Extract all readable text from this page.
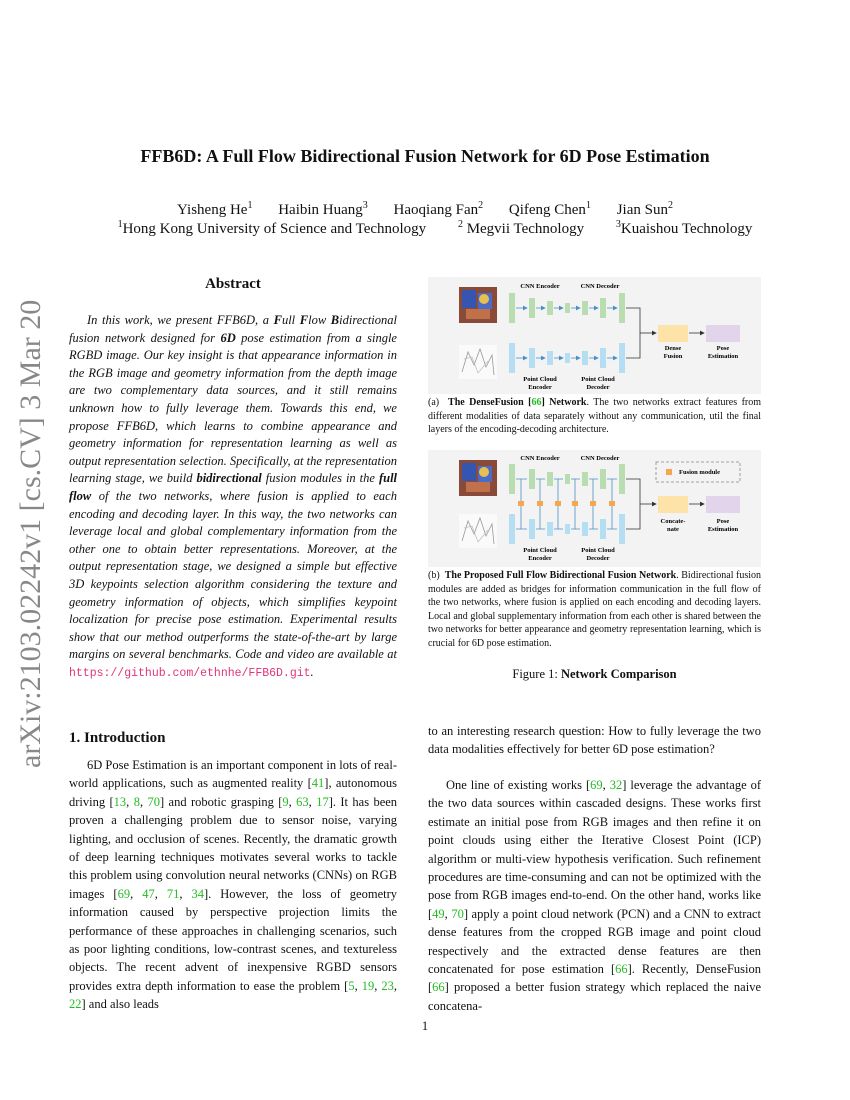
FFB6D: A Full Flow Bidirectional Fusion Network for 6D Pose Estimation
Yisheng He$^1$ Haibin Huang$^3$ Haoqiang Fan$^2$ Qifeng Chen$^1$ Jian Sun$^2$
$^1$Hong Kong University of Science and Technology	$^2$ Megvii Technology	$^3$Kuaishou Technology
arXiv:2103.02242v1 [cs.CV] 3 Mar 2021	Abstract
In this work, we present FFB6D, a Full Flow Bidirectional fusion network designed for 6D pose estimation from a single RGBD image. Our key insight is that appearance information in the RGB image and geometry information from the depth image are two complementary data sources, and it still remains unknown how to fully leverage them. Towards this end, we propose FFB6D, which learns to combine appearance and geometry information for representation learning as well as output representation selection. Specifically, at the representation learning stage, we build bidirectional fusion modules in the full flow of the two networks, where fusion is applied to each encoding and decoding layer. In this way, the two networks can leverage local and global complementary information from the other one to obtain better representations. Moreover, at the output representation stage, we designed a simple but effective 3D keypoints selection algorithm considering the texture and geometry information of objects, which simplifies keypoint localization for precise pose estimation. Experimental results show that our method outperforms the state-of-the-art by large margins on several benchmarks. Code and video are available at https://github.com/ethnhe/FFB6D.git.
1. Introduction
6D Pose Estimation is an important component in lots of real-world applications, such as augmented reality [41], autonomous driving [13, 8, 70] and robotic grasping [9, 63, 17]. It has been proven a challenging problem due to sensor noise, varying lighting, and occlusion of scenes. Recently, the dramatic growth of deep learning techniques motivates several works to tackle this problem using convolution neural networks (CNNs) on RGB images [69, 47, 71, 34]. However, the loss of geometry information caused by perspective projection limits the performance of these approaches in challenging scenarios, such as poor lighting conditions, low-contrast scenes, and textureless objects. The recent advent of inexpensive RGBD sensors provides extra depth information to ease the problem [5, 19, 23, 22] and also leads
to an interesting research question: How to fully leverage the two data modalities effectively for better 6D pose estimation?
One line of existing works [69, 32] leverage the advantage of the two data sources within cascaded designs. These works first estimate an initial pose from RGB images and then refine it on point clouds using either the Iterative Closest Point (ICP) algorithm or multi-view hypothesis verification. Such refinement procedures are time-consuming and can not be optimized with the pose from RGB images end-to-end. On the other hand, works like [49, 70] apply a point cloud network (PCN) and a CNN to extract dense features from the cropped RGB image and point cloud respectively and the extracted dense features are then concatenated for pose estimation [66]. Recently, DenseFusion [66] proposed a better fusion strategy which replaced the naive concatena-
CNN Encoder	CNN Decoder
Dense
Fusion
Pose
Estimation
Point Cloud
Encoder
Point Cloud
Decoder
(a) The DenseFusion [66] Network. The two networks extract features from different modalities of data separately without any communication, util the final layers of the encoding-decoding architecture.
CNN Encoder	CNN Decoder
Fusion module
Concate-
nate
Pose
Estimation
Point Cloud
Encoder
Point Cloud
Decoder
(b) The Proposed Full Flow Bidirectional Fusion Network. Bidirectional fusion modules are added as bridges for information communication in the full flow of the two networks, where fusion is applied on each encoding and decoding layers. Local and global supplementary information from each other is shared between the two networks for better appearance and geometry representation learning, which is crucial for 6D pose estimation.
Figure 1: Network Comparison
1
